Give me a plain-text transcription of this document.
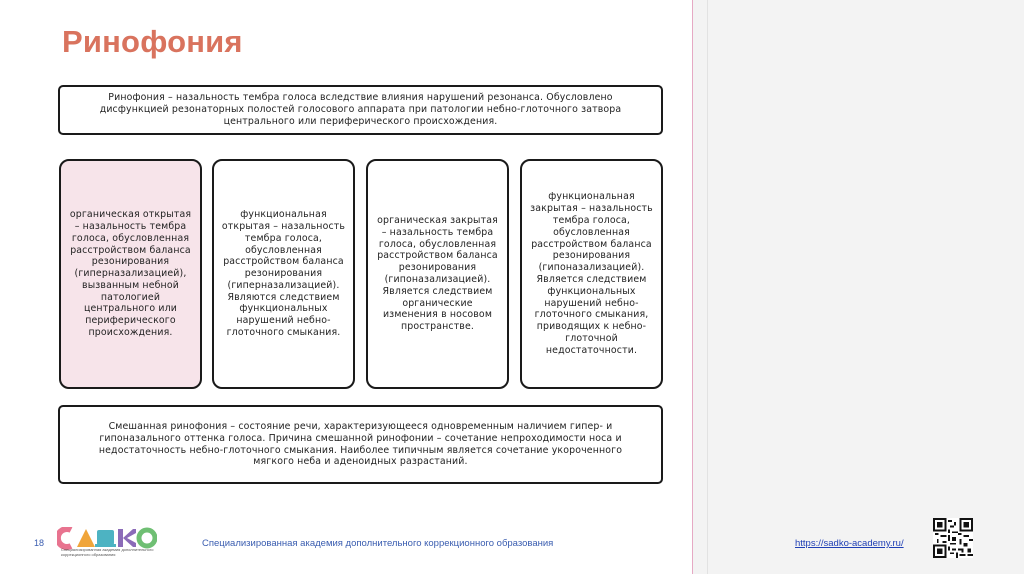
Ринофония
Ринофония – назальность тембра голоса вследствие влияния нарушений резонанса. Обусловлено дисфункцией резонаторных полостей голосового аппарата при патологии небно-глоточного затвора центрального или периферического происхождения.
органическая открытая – назальность тембра голоса, обусловленная расстройством баланса резонирования (гиперназализацией), вызванным небной патологией центрального или периферического происхождения.
функциональная открытая – назальность тембра голоса, обусловленная расстройством баланса резонирования (гиперназализацией). Являются следствием функциональных нарушений небно-глоточного смыкания.
органическая закрытая – назальность тембра голоса, обусловленная расстройством баланса резонирования (гипоназализацией). Является следствием органические изменения в носовом пространстве.
функциональная закрытая – назальность тембра голоса, обусловленная расстройством баланса резонирования (гипоназализацией). Является следствием функциональных нарушений небно-глоточного смыкания, приводящих к небно-глоточной недостаточности.
Смешанная ринофония – состояние речи, характеризующееся одновременным наличием гипер- и гипоназального оттенка голоса. Причина смешанной ринофонии – сочетание непроходимости носа и недостаточность небно-глоточного смыкания. Наиболее типичным является сочетание укороченного мягкого неба и аденоидных разрастаний.
18
Специализированная академия дополнительного коррекционного образования
Специализированная академия дополнительного коррекционного образования	https://sadko-academy.ru/
